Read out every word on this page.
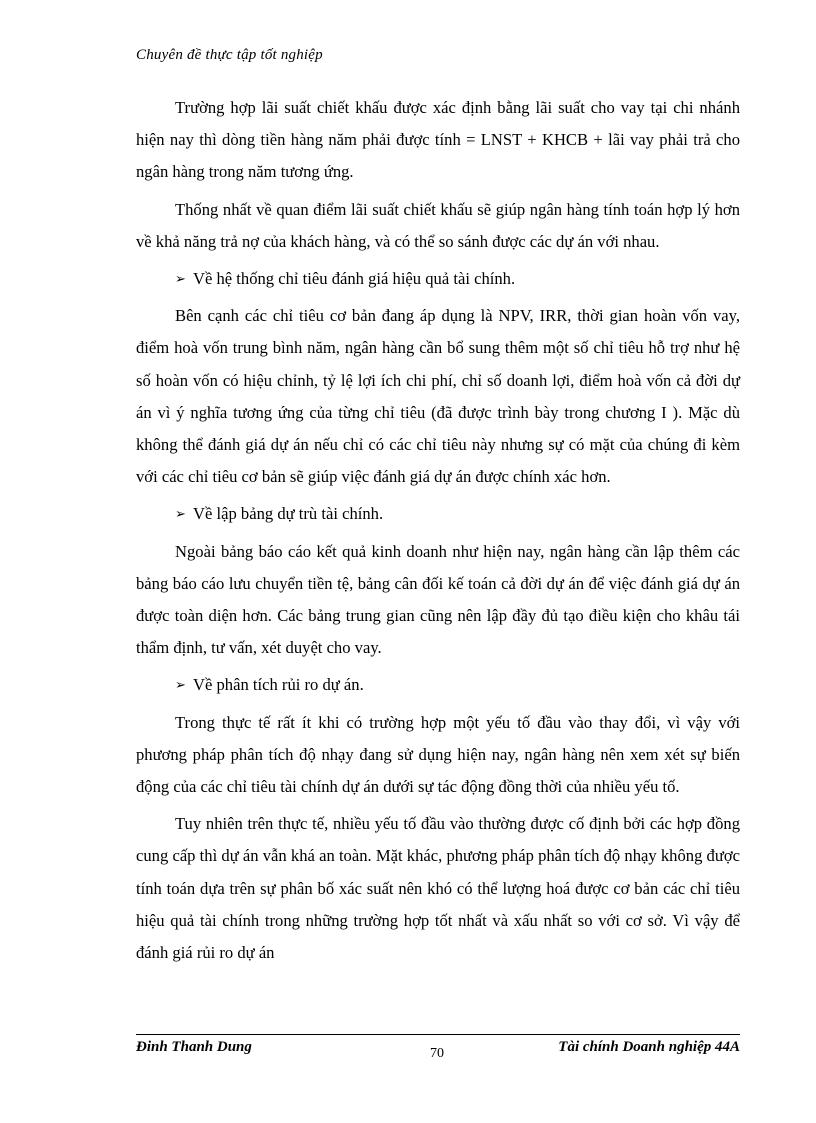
Chuyên đề thực tập tốt nghiệp

Trường hợp lãi suất chiết khấu được xác định bằng lãi suất cho vay tại chi nhánh hiện nay thì dòng tiền hàng năm phải được tính = LNST + KHCB + lãi vay phải trả cho ngân hàng trong năm tương ứng.

Thống nhất về quan điểm lãi suất chiết khấu sẽ giúp ngân hàng tính toán hợp lý hơn về khả năng trả nợ của khách hàng, và có thể so sánh được các dự án với nhau.

➢ Về hệ thống chỉ tiêu đánh giá hiệu quả tài chính.

Bên cạnh các chỉ tiêu cơ bản đang áp dụng là NPV, IRR, thời gian hoàn vốn vay, điểm hoà vốn trung bình năm, ngân hàng cần bổ sung thêm một số chỉ tiêu hỗ trợ như hệ số hoàn vốn có hiệu chỉnh, tỷ lệ lợi ích chi phí, chỉ số doanh lợi, điểm hoà vốn cả đời dự án vì ý nghĩa tương ứng của từng chỉ tiêu (đã được trình bày trong chương I ). Mặc dù không thể đánh giá dự án nếu chỉ có các chỉ tiêu này nhưng sự có mặt của chúng đi kèm với các chỉ tiêu cơ bản sẽ giúp việc đánh giá dự án được chính xác hơn.

➢ Về lập bảng dự trù tài chính.

Ngoài bảng báo cáo kết quả kinh doanh như hiện nay, ngân hàng cần lập thêm các bảng báo cáo lưu chuyển tiền tệ, bảng cân đối kế toán cả đời dự án để việc đánh giá dự án được toàn diện hơn. Các bảng trung gian cũng nên lập đầy đủ tạo điều kiện cho khâu tái thẩm định, tư vấn, xét duyệt cho vay.

➢ Về phân tích rủi ro dự án.

Trong thực tế rất ít khi có trường hợp một yếu tố đầu vào thay đổi, vì vậy với phương pháp phân tích độ nhạy đang sử dụng hiện nay, ngân hàng nên xem xét sự biến động của các chỉ tiêu tài chính dự án dưới sự tác động đồng thời của nhiều yếu tố.

Tuy nhiên trên thực tế, nhiều yếu tố đầu vào thường được cố định bởi các hợp đồng cung cấp thì dự án vẫn khá an toàn. Mặt khác, phương pháp phân tích độ nhạy không được tính toán dựa trên sự phân bố xác suất nên khó có thể lượng hoá được cơ bản các chỉ tiêu hiệu quả tài chính trong những trường hợp tốt nhất và xấu nhất so với cơ sở. Vì vậy để đánh giá rủi ro dự án

Đinh Thanh Dung	70	Tài chính Doanh nghiệp 44A
